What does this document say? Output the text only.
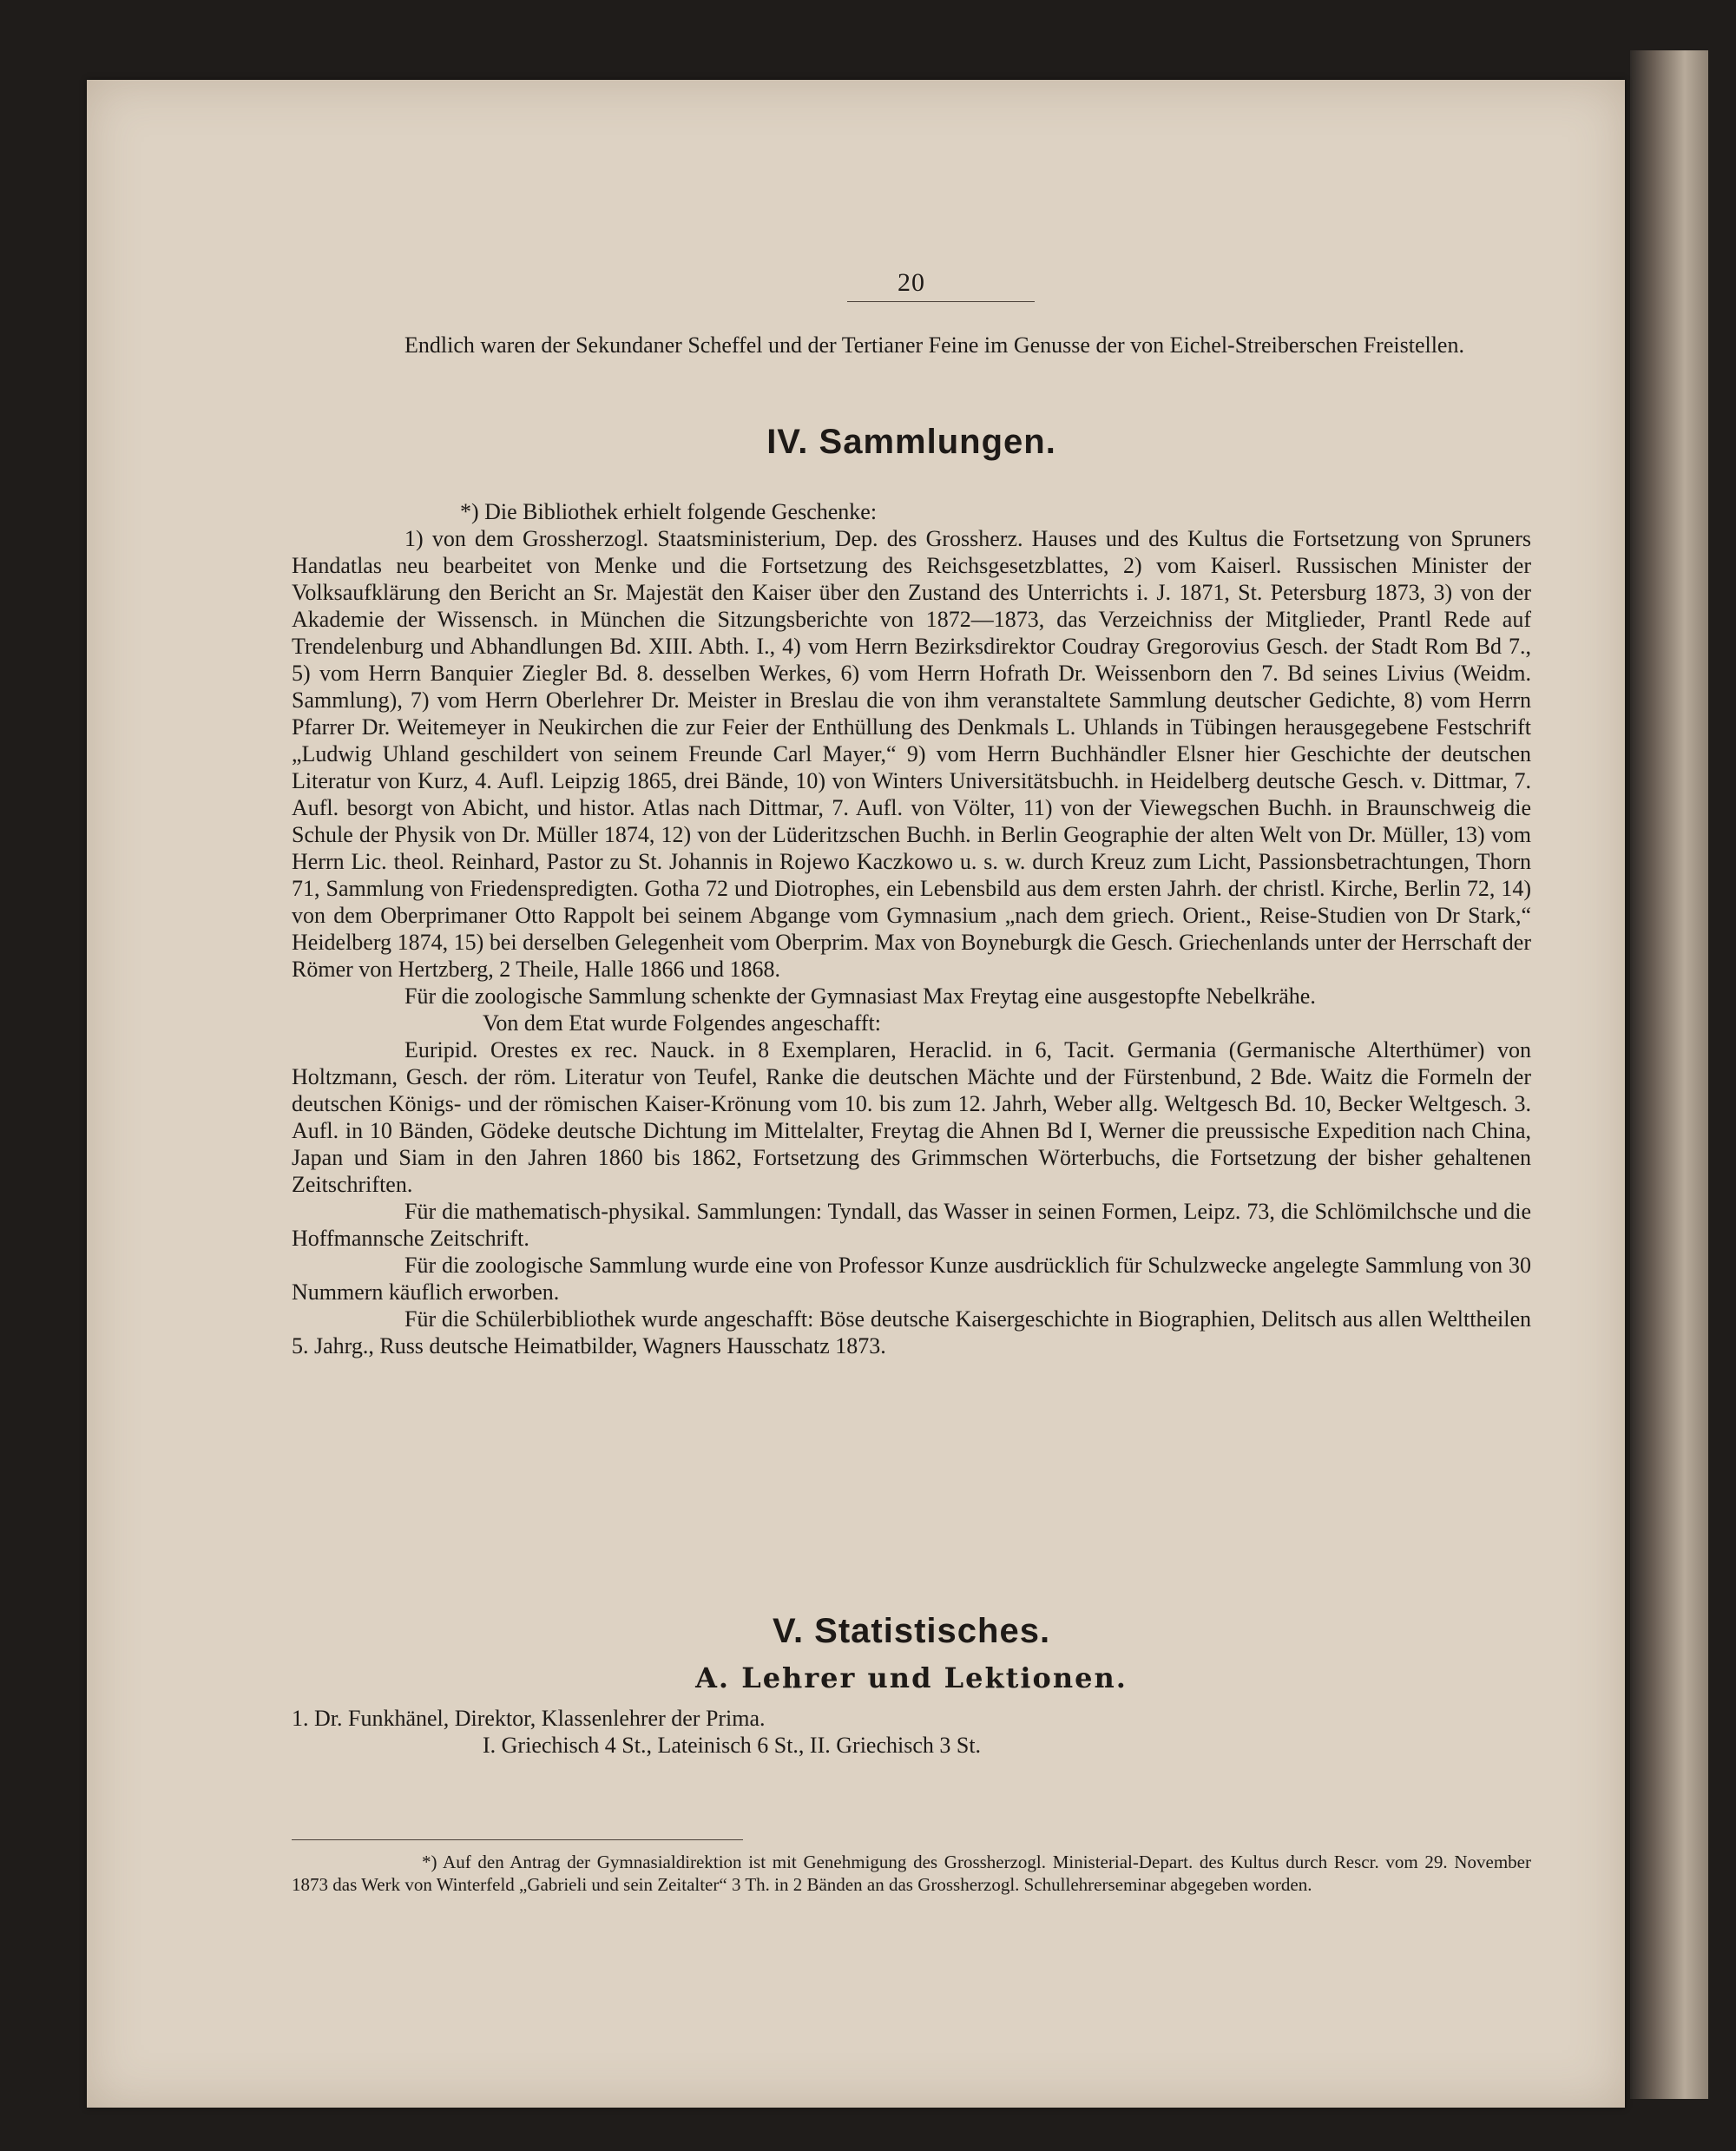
20

Endlich waren der Sekundaner Scheffel und der Tertianer Feine im Genusse der von Eichel-Streiberschen Freistellen.

IV. Sammlungen.

*) Die Bibliothek erhielt folgende Geschenke:

1) von dem Grossherzogl. Staatsministerium, Dep. des Grossherz. Hauses und des Kultus die Fortsetzung von Spruners Handatlas neu bearbeitet von Menke und die Fortsetzung des Reichsgesetzblattes, 2) vom Kaiserl. Russischen Minister der Volksaufklärung den Bericht an Sr. Majestät den Kaiser über den Zustand des Unterrichts i. J. 1871, St. Petersburg 1873, 3) von der Akademie der Wissensch. in München die Sitzungsberichte von 1872—1873, das Verzeichniss der Mitglieder, Prantl Rede auf Trendelenburg und Abhandlungen Bd. XIII. Abth. I., 4) vom Herrn Bezirksdirektor Coudray Gregorovius Gesch. der Stadt Rom Bd 7., 5) vom Herrn Banquier Ziegler Bd. 8. desselben Werkes, 6) vom Herrn Hofrath Dr. Weissenborn den 7. Bd seines Livius (Weidm. Sammlung), 7) vom Herrn Oberlehrer Dr. Meister in Breslau die von ihm veranstaltete Sammlung deutscher Gedichte, 8) vom Herrn Pfarrer Dr. Weitemeyer in Neukirchen die zur Feier der Enthüllung des Denkmals L. Uhlands in Tübingen herausgegebene Festschrift „Ludwig Uhland geschildert von seinem Freunde Carl Mayer,“ 9) vom Herrn Buchhändler Elsner hier Geschichte der deutschen Literatur von Kurz, 4. Aufl. Leipzig 1865, drei Bände, 10) von Winters Universitätsbuchh. in Heidelberg deutsche Gesch. v. Dittmar, 7. Aufl. besorgt von Abicht, und histor. Atlas nach Dittmar, 7. Aufl. von Völter, 11) von der Viewegschen Buchh. in Braunschweig die Schule der Physik von Dr. Müller 1874, 12) von der Lüderitzschen Buchh. in Berlin Geographie der alten Welt von Dr. Müller, 13) vom Herrn Lic. theol. Reinhard, Pastor zu St. Johannis in Rojewo Kaczkowo u. s. w. durch Kreuz zum Licht, Passionsbetrachtungen, Thorn 71, Sammlung von Friedenspredigten. Gotha 72 und Diotrophes, ein Lebensbild aus dem ersten Jahrh. der christl. Kirche, Berlin 72, 14) von dem Oberprimaner Otto Rappolt bei seinem Abgange vom Gymnasium „nach dem griech. Orient., Reise-Studien von Dr Stark,“ Heidelberg 1874, 15) bei derselben Gelegenheit vom Oberprim. Max von Boyneburgk die Gesch. Griechenlands unter der Herrschaft der Römer von Hertzberg, 2 Theile, Halle 1866 und 1868.

Für die zoologische Sammlung schenkte der Gymnasiast Max Freytag eine ausgestopfte Nebelkrähe.

Von dem Etat wurde Folgendes angeschafft:

Euripid. Orestes ex rec. Nauck. in 8 Exemplaren, Heraclid. in 6, Tacit. Germania (Germanische Alterthümer) von Holtzmann, Gesch. der röm. Literatur von Teufel, Ranke die deutschen Mächte und der Fürstenbund, 2 Bde. Waitz die Formeln der deutschen Königs- und der römischen Kaiser-Krönung vom 10. bis zum 12. Jahrh, Weber allg. Weltgesch Bd. 10, Becker Weltgesch. 3. Aufl. in 10 Bänden, Gödeke deutsche Dichtung im Mittelalter, Freytag die Ahnen Bd I, Werner die preussische Expedition nach China, Japan und Siam in den Jahren 1860 bis 1862, Fortsetzung des Grimmschen Wörterbuchs, die Fortsetzung der bisher gehaltenen Zeitschriften.

Für die mathematisch-physikal. Sammlungen: Tyndall, das Wasser in seinen Formen, Leipz. 73, die Schlömilchsche und die Hoffmannsche Zeitschrift.

Für die zoologische Sammlung wurde eine von Professor Kunze ausdrücklich für Schulzwecke angelegte Sammlung von 30 Nummern käuflich erworben.

Für die Schülerbibliothek wurde angeschafft: Böse deutsche Kaisergeschichte in Biographien, Delitsch aus allen Welttheilen 5. Jahrg., Russ deutsche Heimatbilder, Wagners Hausschatz 1873.

V. Statistisches.
A. Lehrer und Lektionen.
1. Dr. Funkhänel, Direktor, Klassenlehrer der Prima.
I. Griechisch 4 St., Lateinisch 6 St., II. Griechisch 3 St.

*) Auf den Antrag der Gymnasialdirektion ist mit Genehmigung des Grossherzogl. Ministerial-Depart. des Kultus durch Rescr. vom 29. November 1873 das Werk von Winterfeld „Gabrieli und sein Zeitalter“ 3 Th. in 2 Bänden an das Grossherzogl. Schullehrerseminar abgegeben worden.
